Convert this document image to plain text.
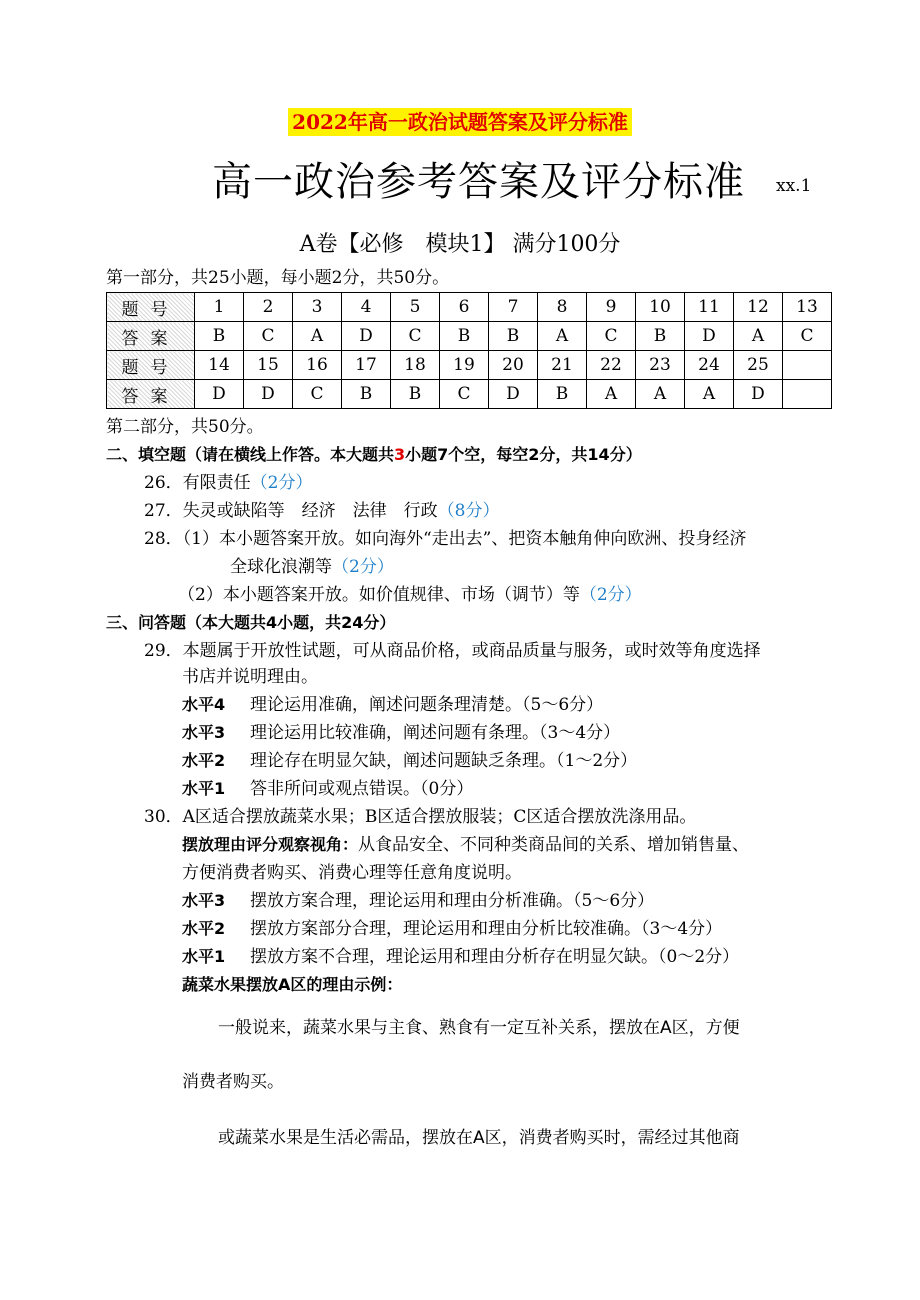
2022年高一政治试题答案及评分标准
高一政治参考答案及评分标准 xx.1
A卷【必修　模块1】 满分100分
第一部分，共25小题，每小题2分，共50分。
题号	1	2	3	4	5	6	7	8	9	10	11	12	13
答案	B	C	A	D	C	B	B	A	C	B	D	A	C
题号	14	15	16	17	18	19	20	21	22	23	24	25	
答案	D	D	C	B	B	C	D	B	A	A	A	D	
第二部分，共50分。
二、填空题（请在横线上作答。本大题共3小题7个空，每空2分，共14分）
26．有限责任（2分）
27．失灵或缺陷等　经济　法律　行政（8分）
28．（1）本小题答案开放。如向海外“走出去”、把资本触角伸向欧洲、投身经济
全球化浪潮等（2分）
（2）本小题答案开放。如价值规律、市场（调节）等（2分）
三、问答题（本大题共4小题，共24分）
29．本题属于开放性试题，可从商品价格，或商品质量与服务，或时效等角度选择
书店并说明理由。
水平4 理论运用准确，阐述问题条理清楚。（5～6分）
水平3 理论运用比较准确，阐述问题有条理。（3～4分）
水平2 理论存在明显欠缺，阐述问题缺乏条理。（1～2分）
水平1 答非所问或观点错误。（0分）
30．A区适合摆放蔬菜水果；B区适合摆放服装；C区适合摆放洗涤用品。
摆放理由评分观察视角：从食品安全、不同种类商品间的关系、增加销售量、
方便消费者购买、消费心理等任意角度说明。
水平3 摆放方案合理，理论运用和理由分析准确。（5～6分）
水平2 摆放方案部分合理，理论运用和理由分析比较准确。（3～4分）
水平1 摆放方案不合理，理论运用和理由分析存在明显欠缺。（0～2分）
蔬菜水果摆放A区的理由示例：
一般说来，蔬菜水果与主食、熟食有一定互补关系，摆放在A区，方便
消费者购买。
或蔬菜水果是生活必需品，摆放在A区，消费者购买时，需经过其他商
